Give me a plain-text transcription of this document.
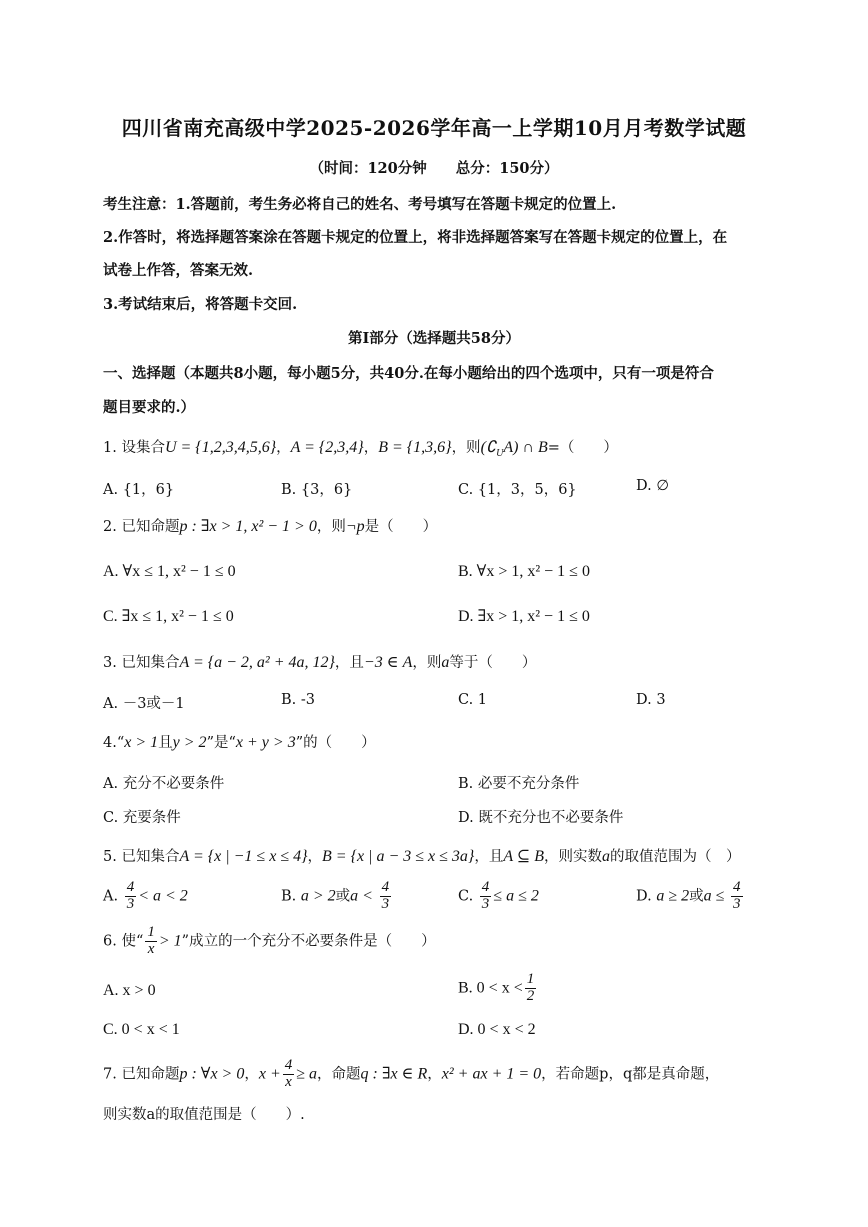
四川省南充高级中学2025-2026学年高一上学期10月月考数学试题
（时间：120分钟　　总分：150分）
考生注意：1.答题前，考生务必将自己的姓名、考号填写在答题卡规定的位置上.
2.作答时，将选择题答案涂在答题卡规定的位置上，将非选择题答案写在答题卡规定的位置上，在
试卷上作答，答案无效.
3.考试结束后，将答题卡交回.
第I部分（选择题共58分）
一、选择题（本题共8小题，每小题5分，共40分.在每小题给出的四个选项中，只有一项是符合
题目要求的.）
1. 设集合U = {1,2,3,4,5,6}，A = {2,3,4}，B = {1,3,6}，则$(∁_UA)$ ∩ B=（　　）
A. {1，6}	B. {3，6}	C. {1，3，5，6}	D. ∅
2. 已知命题p : ∃x > 1, x² − 1 > 0，则¬p是（　　）
A. ∀x ≤ 1, x² − 1 ≤ 0	B. ∀x > 1, x² − 1 ≤ 0
C. ∃x ≤ 1, x² − 1 ≤ 0	D. ∃x > 1, x² − 1 ≤ 0
3. 已知集合A = {a − 2, a² + 4a, 12}，且−3 ∈ A，则a等于（　　）
A. －3或－1	B. -3	C. 1	D. 3
4.“x > 1且y > 2”是“x + y > 3”的（　　）
A. 充分不必要条件	B. 必要不充分条件
C. 充要条件	D. 既不充分也不必要条件
5. 已知集合A = {x | −1 ≤ x ≤ 4}，B = {x | a − 3 ≤ x ≤ 3a}，且A ⊆ B，则实数a的取值范围为（　）
A. $\frac{4}{3} < a < 2$	B. a > 2或$a < \frac{4}{3}$	C. $\frac{4}{3} \le a \le 2$	D. a ≥ 2或$a \le \frac{4}{3}$
6. 使“ $\frac{1}{x} > 1$”成立的一个充分不必要条件是（　　）
A. x > 0	B. $0 < x < \frac{1}{2}$
C. 0 < x < 1	D. 0 < x < 2
7. 已知命题p : ∀x > 0，$x + \frac{4}{x} \ge a$，命题q : ∃x ∈ R，x² + ax + 1 = 0，若命题p，q都是真命题，
则实数a的取值范围是（　　）.
